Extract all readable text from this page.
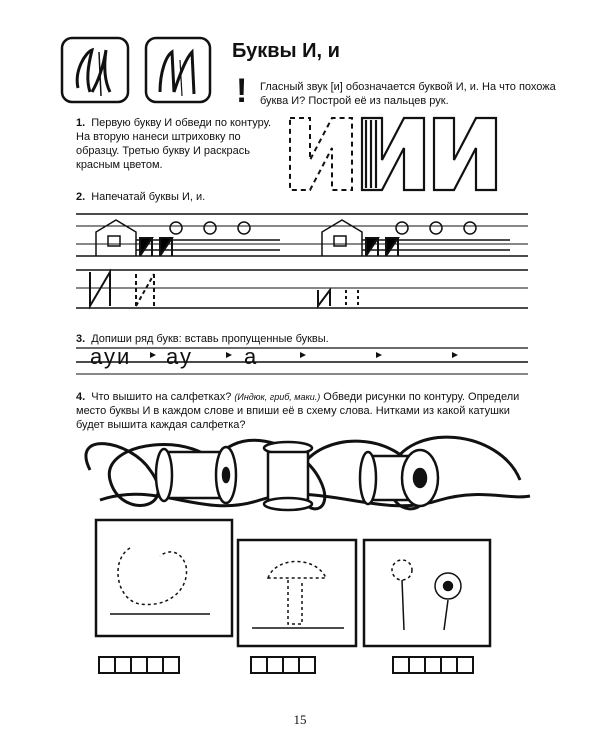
Буквы И, и
! Гласный звук [и] обозначается буквой И, и. На что похожа буква И? Построй её из пальцев рук.
1. Первую букву И обведи по контуру. На вторую нанеси штриховку по образцу. Третью букву И раскрась красным цветом.
2. Напечатай буквы И, и.
3. Допиши ряд букв: вставь пропущенные буквы.
4. Что вышито на салфетках? (Индюк, гриб, маки.) Обведи рисунки по контуру. Определи место буквы И в каждом слове и впиши её в схему слова. Нитками из какой катушки будет вышита каждая салфетка?
ауи ау а
15
